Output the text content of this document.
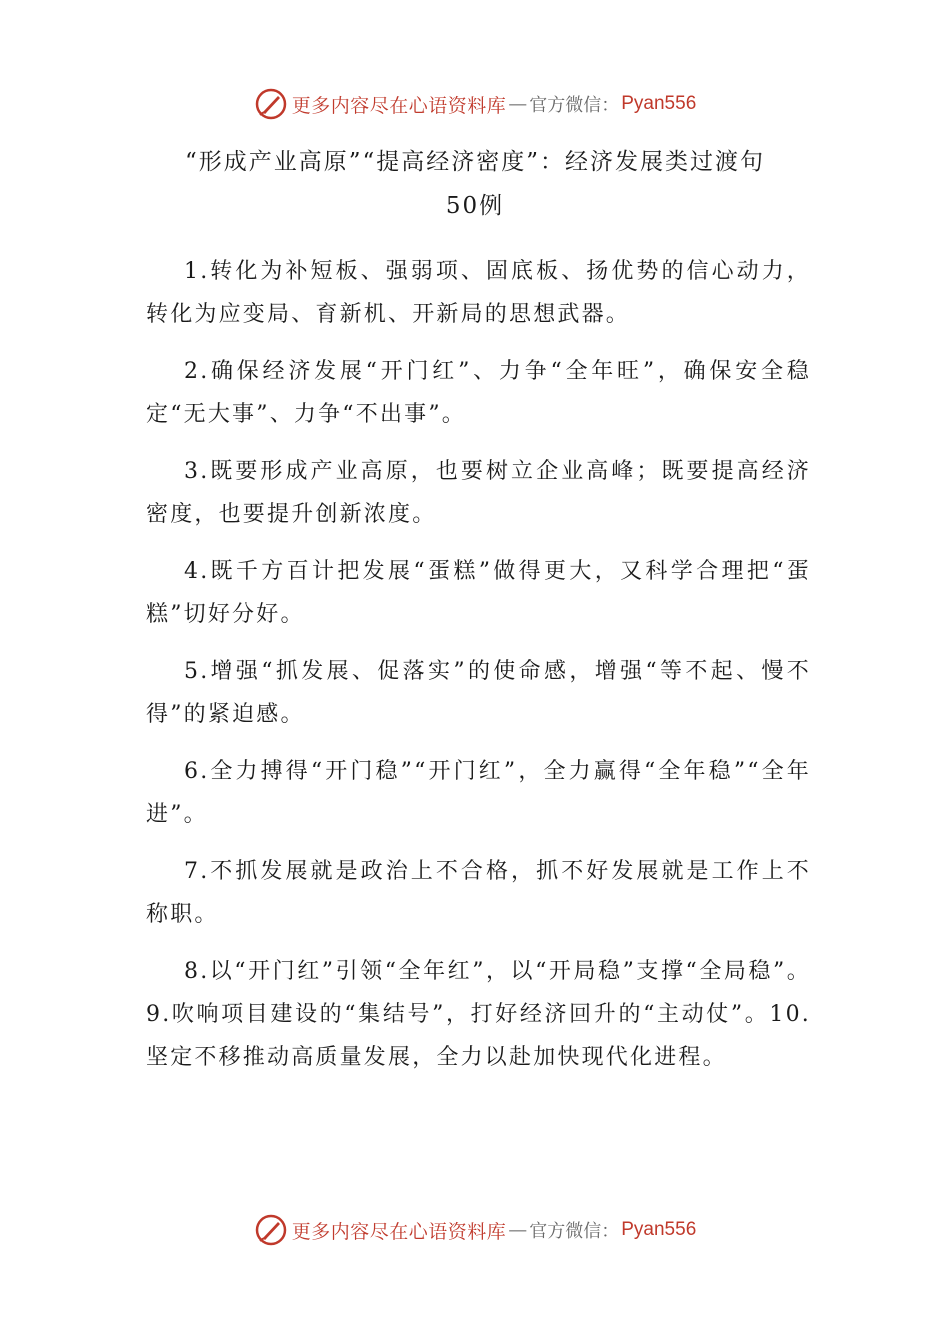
更多内容尽在心语资料库 — 官方微信： Pyan556
“形成产业高原”“提高经济密度”：经济发展类过渡句
50例

1.转化为补短板、强弱项、固底板、扬优势的信心动力，转化为应变局、育新机、开新局的思想武器。

2.确保经济发展“开门红”、力争“全年旺”，确保安全稳定“无大事”、力争“不出事”。

3.既要形成产业高原，也要树立企业高峰；既要提高经济密度，也要提升创新浓度。

4.既千方百计把发展“蛋糕”做得更大，又科学合理把“蛋糕”切好分好。

5.增强“抓发展、促落实”的使命感，增强“等不起、慢不得”的紧迫感。

6.全力搏得“开门稳”“开门红”，全力赢得“全年稳”“全年进”。

7.不抓发展就是政治上不合格，抓不好发展就是工作上不称职。

8.以“开门红”引领“全年红”，以“开局稳”支撑“全局稳”。9.吹响项目建设的“集结号”，打好经济回升的“主动仗”。10.坚定不移推动高质量发展，全力以赴加快现代化进程。

更多内容尽在心语资料库 — 官方微信： Pyan556
